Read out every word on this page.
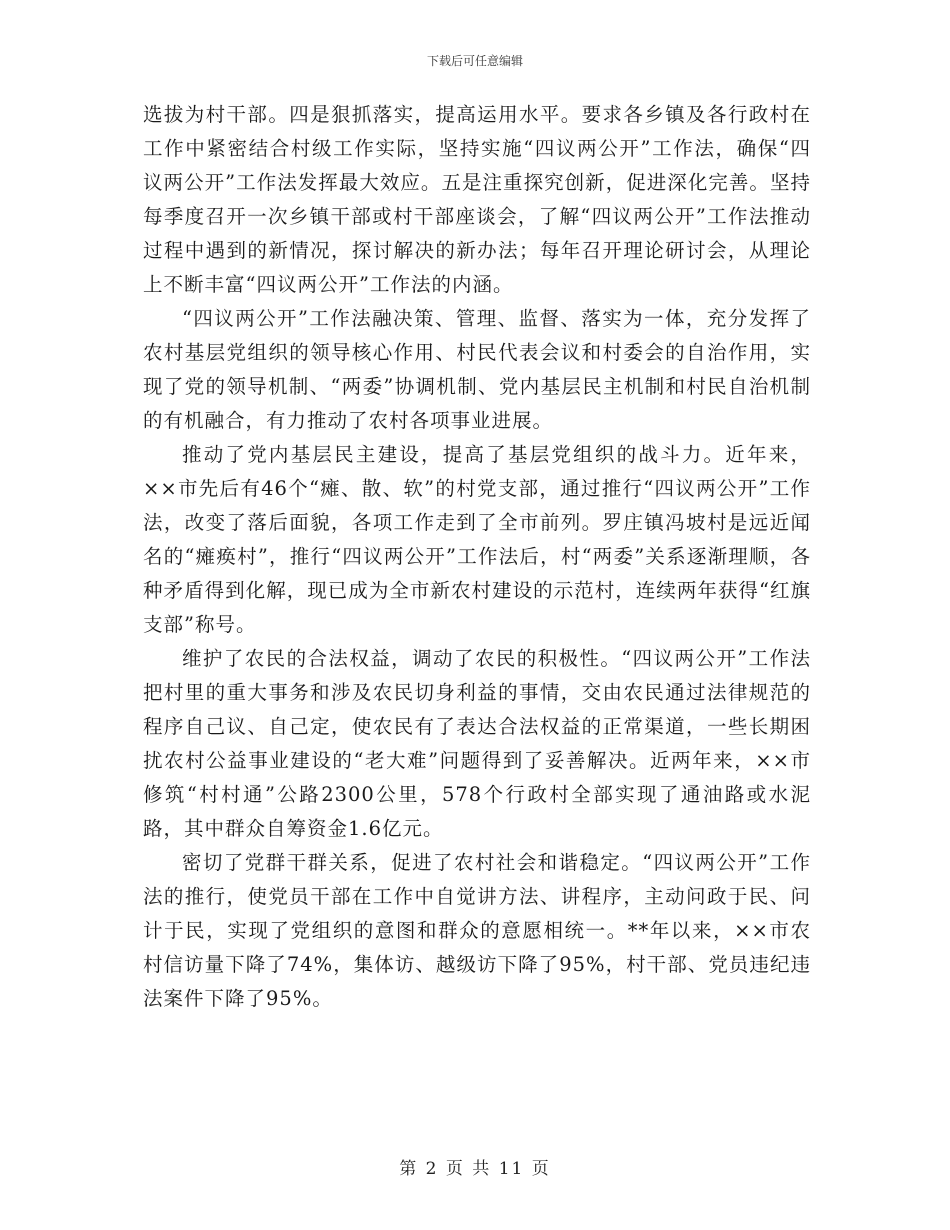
下载后可任意编辑

选拔为村干部。四是狠抓落实，提高运用水平。要求各乡镇及各行政村在工作中紧密结合村级工作实际，坚持实施“四议两公开”工作法，确保“四议两公开”工作法发挥最大效应。五是注重探究创新，促进深化完善。坚持每季度召开一次乡镇干部或村干部座谈会，了解“四议两公开”工作法推动过程中遇到的新情况，探讨解决的新办法；每年召开理论研讨会，从理论上不断丰富“四议两公开”工作法的内涵。

“四议两公开”工作法融决策、管理、监督、落实为一体，充分发挥了农村基层党组织的领导核心作用、村民代表会议和村委会的自治作用，实现了党的领导机制、“两委”协调机制、党内基层民主机制和村民自治机制的有机融合，有力推动了农村各项事业进展。

推动了党内基层民主建设，提高了基层党组织的战斗力。近年来，××市先后有46个“瘫、散、软”的村党支部，通过推行“四议两公开”工作法，改变了落后面貌，各项工作走到了全市前列。罗庄镇冯坡村是远近闻名的“瘫痪村”，推行“四议两公开”工作法后，村“两委”关系逐渐理顺，各种矛盾得到化解，现已成为全市新农村建设的示范村，连续两年获得“红旗支部”称号。

维护了农民的合法权益，调动了农民的积极性。“四议两公开”工作法把村里的重大事务和涉及农民切身利益的事情，交由农民通过法律规范的程序自己议、自己定，使农民有了表达合法权益的正常渠道，一些长期困扰农村公益事业建设的“老大难”问题得到了妥善解决。近两年来，××市修筑“村村通”公路2300公里，578个行政村全部实现了通油路或水泥路，其中群众自筹资金1.6亿元。

密切了党群干群关系，促进了农村社会和谐稳定。“四议两公开”工作法的推行，使党员干部在工作中自觉讲方法、讲程序，主动问政于民、问计于民，实现了党组织的意图和群众的意愿相统一。**年以来，××市农村信访量下降了74%，集体访、越级访下降了95%，村干部、党员违纪违法案件下降了95%。

第 2 页 共 11 页
